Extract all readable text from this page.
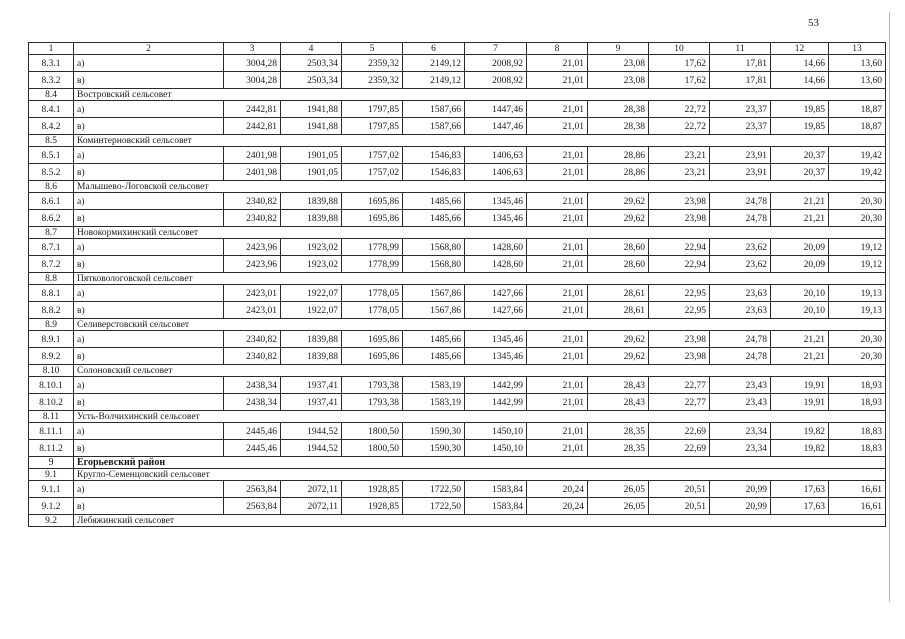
53
1	2	3	4	5	6	7	8	9	10	11	12	13
8.3.1	а)	3004,28	2503,34	2359,32	2149,12	2008,92	21,01	23,08	17,62	17,81	14,66	13,60
8.3.2	в)	3004,28	2503,34	2359,32	2149,12	2008,92	21,01	23,08	17,62	17,81	14,66	13,60
8.4	Востровский сельсовет											
8.4.1	а)	2442,81	1941,88	1797,85	1587,66	1447,46	21,01	28,38	22,72	23,37	19,85	18,87
8.4.2	в)	2442,81	1941,88	1797,85	1587,66	1447,46	21,01	28,38	22,72	23,37	19,85	18,87
8.5	Коминтерновский сельсовет											
8.5.1	а)	2401,98	1901,05	1757,02	1546,83	1406,63	21,01	28,86	23,21	23,91	20,37	19,42
8.5.2	в)	2401,98	1901,05	1757,02	1546,83	1406,63	21,01	28,86	23,21	23,91	20,37	19,42
8.6	Малышево-Логовской сельсовет											
8.6.1	а)	2340,82	1839,88	1695,86	1485,66	1345,46	21,01	29,62	23,98	24,78	21,21	20,30
8.6.2	в)	2340,82	1839,88	1695,86	1485,66	1345,46	21,01	29,62	23,98	24,78	21,21	20,30
8.7	Новокормихинский сельсовет											
8.7.1	а)	2423,96	1923,02	1778,99	1568,80	1428,60	21,01	28,60	22,94	23,62	20,09	19,12
8.7.2	в)	2423,96	1923,02	1778,99	1568,80	1428,60	21,01	28,60	22,94	23,62	20,09	19,12
8.8	Пятковологовской сельсовет											
8.8.1	а)	2423,01	1922,07	1778,05	1567,86	1427,66	21,01	28,61	22,95	23,63	20,10	19,13
8.8.2	в)	2423,01	1922,07	1778,05	1567,86	1427,66	21,01	28,61	22,95	23,63	20,10	19,13
8.9	Селиверстовский сельсовет											
8.9.1	а)	2340,82	1839,88	1695,86	1485,66	1345,46	21,01	29,62	23,98	24,78	21,21	20,30
8.9.2	в)	2340,82	1839,88	1695,86	1485,66	1345,46	21,01	29,62	23,98	24,78	21,21	20,30
8.10	Солоновский сельсовет											
8.10.1	а)	2438,34	1937,41	1793,38	1583,19	1442,99	21,01	28,43	22,77	23,43	19,91	18,93
8.10.2	в)	2438,34	1937,41	1793,38	1583,19	1442,99	21,01	28,43	22,77	23,43	19,91	18,93
8.11	Усть-Волчихинский сельсовет											
8.11.1	а)	2445,46	1944,52	1800,50	1590,30	1450,10	21,01	28,35	22,69	23,34	19,82	18,83
8.11.2	в)	2445,46	1944,52	1800,50	1590,30	1450,10	21,01	28,35	22,69	23,34	19,82	18,83
9	Егорьевский район											
9.1	Кругло-Семенцовский сельсовет											
9.1.1	а)	2563,84	2072,11	1928,85	1722,50	1583,84	20,24	26,05	20,51	20,99	17,63	16,61
9.1.2	в)	2563,84	2072,11	1928,85	1722,50	1583,84	20,24	26,05	20,51	20,99	17,63	16,61
9.2	Лебяжинский сельсовет											
